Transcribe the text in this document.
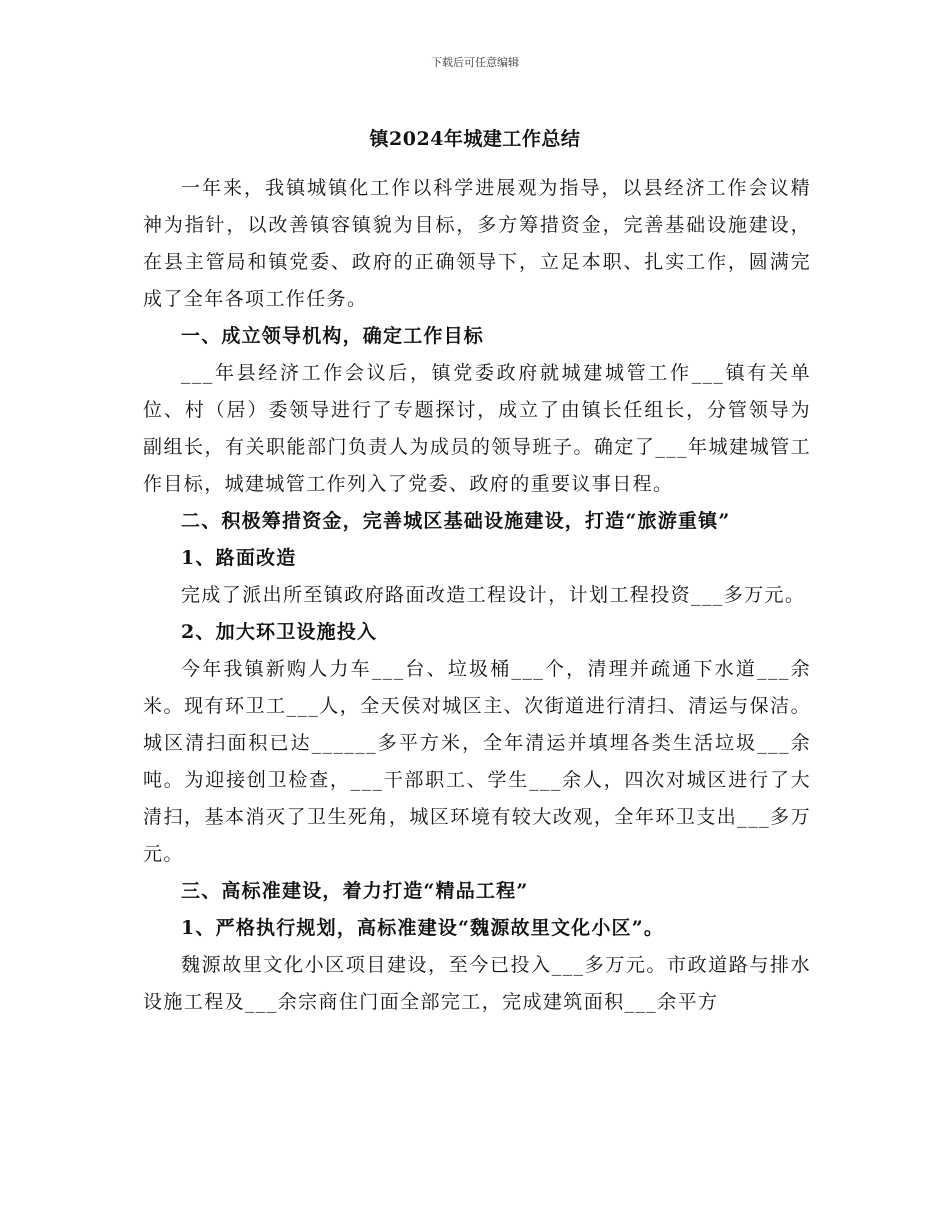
下载后可任意编辑
镇2024年城建工作总结

一年来，我镇城镇化工作以科学进展观为指导，以县经济工作会议精神为指针，以改善镇容镇貌为目标，多方筹措资金，完善基础设施建设，在县主管局和镇党委、政府的正确领导下，立足本职、扎实工作，圆满完成了全年各项工作任务。

一、成立领导机构，确定工作目标

___年县经济工作会议后，镇党委政府就城建城管工作___镇有关单位、村（居）委领导进行了专题探讨，成立了由镇长任组长，分管领导为副组长，有关职能部门负责人为成员的领导班子。确定了___年城建城管工作目标，城建城管工作列入了党委、政府的重要议事日程。

二、积极筹措资金，完善城区基础设施建设，打造“旅游重镇”

1、路面改造

完成了派出所至镇政府路面改造工程设计，计划工程投资___多万元。

2、加大环卫设施投入

今年我镇新购人力车___台、垃圾桶___个，清理并疏通下水道___余米。现有环卫工___人，全天侯对城区主、次街道进行清扫、清运与保洁。城区清扫面积已达______多平方米，全年清运并填埋各类生活垃圾___余吨。为迎接创卫检查，___干部职工、学生___余人，四次对城区进行了大清扫，基本消灭了卫生死角，城区环境有较大改观，全年环卫支出___多万元。

三、高标准建设，着力打造“精品工程”

1、严格执行规划，高标准建设“魏源故里文化小区”。

魏源故里文化小区项目建设，至今已投入___多万元。市政道路与排水设施工程及___余宗商住门面全部完工，完成建筑面积___余平方
